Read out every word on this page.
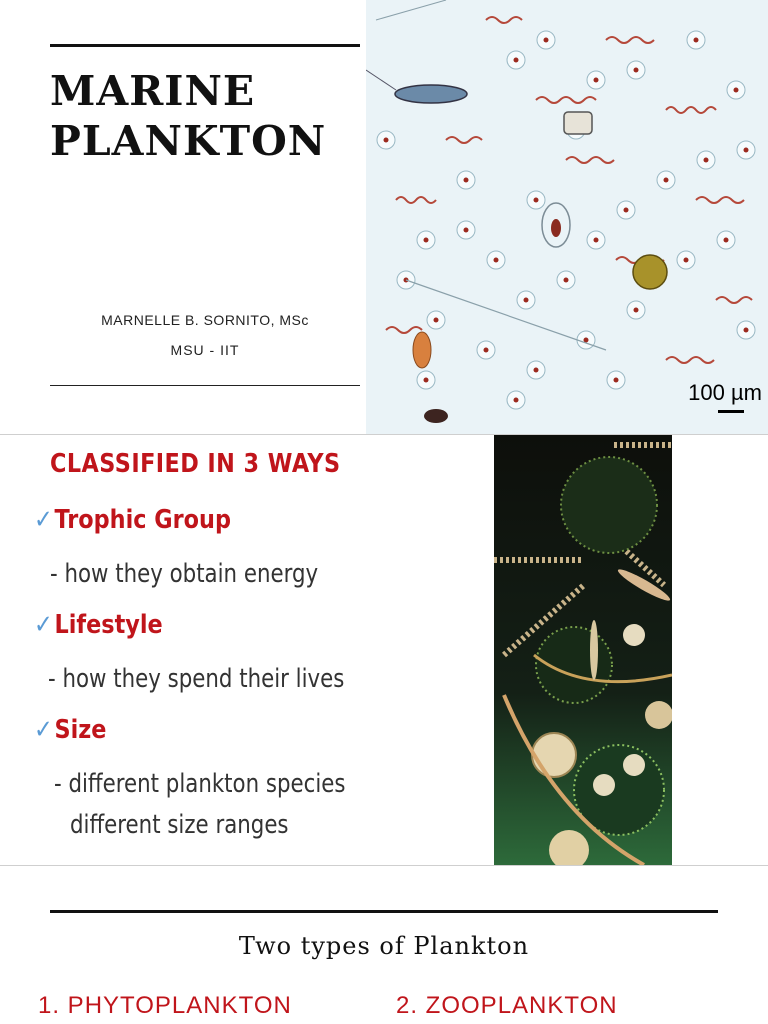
MARINE
PLANKTON
MARNELLE B. SORNITO, MSc
MSU - IIT
100 µm
CLASSIFIED IN 3 WAYS
✓Trophic Group
- how they obtain energy
✓Lifestyle
- how they spend their lives
✓Size
- different plankton species
different size ranges
Two types of Plankton
1. PHYTOPLANKTON	2. ZOOPLANKTON
